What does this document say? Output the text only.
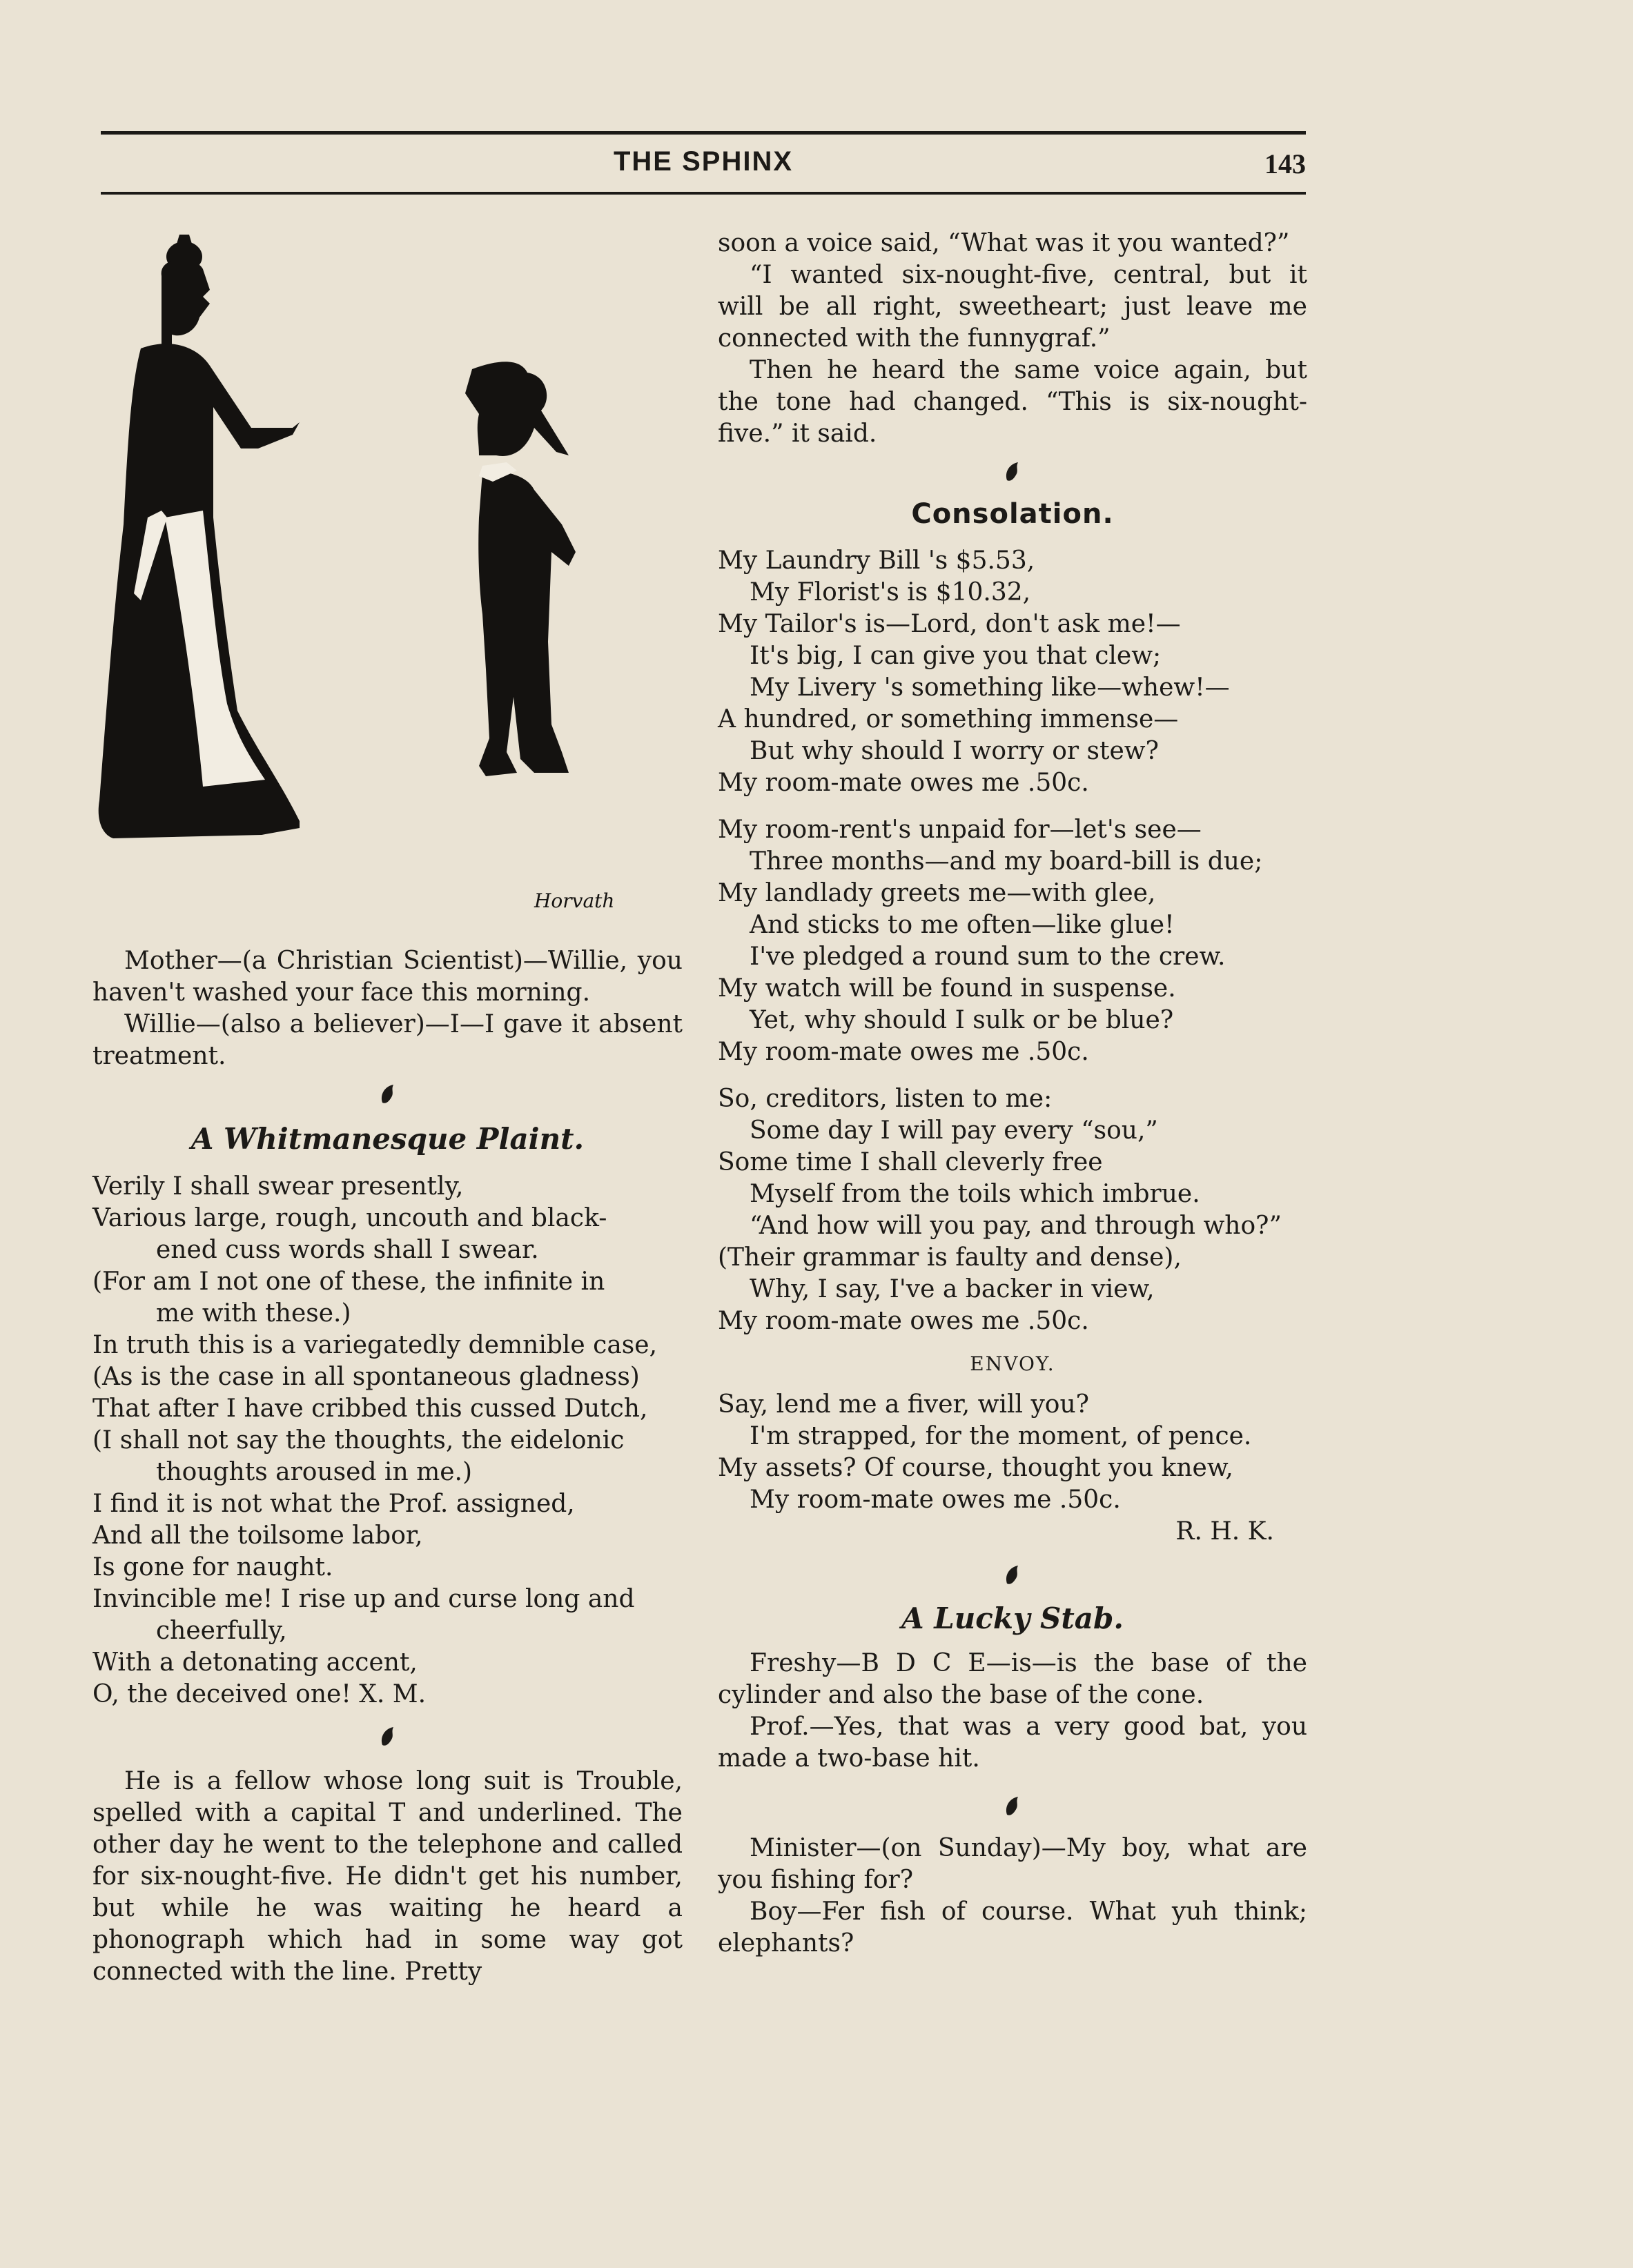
THE SPHINX	143
Horvath

Mother—(a Christian Scientist)—Willie, you haven't washed your face this morning.

Willie—(also a believer)—I—I gave it absent treatment.

A Whitmanesque Plaint.
Verily I shall swear presently,
Various large, rough, uncouth and black-
ened cuss words shall I swear.
(For am I not one of these, the infinite in
me with these.)
In truth this is a variegatedly demnible case,
(As is the case in all spontaneous gladness)
That after I have cribbed this cussed Dutch,
(I shall not say the thoughts, the eidelonic
thoughts aroused in me.)
I find it is not what the Prof. assigned,
And all the toilsome labor,
Is gone for naught.
Invincible me! I rise up and curse long and
cheerfully,
With a detonating accent,
O, the deceived one! X. M.

He is a fellow whose long suit is Trouble, spelled with a capital T and underlined. The other day he went to the telephone and called for six-nought-five. He didn't get his number, but while he was waiting he heard a phonograph which had in some way got connected with the line. Pretty

soon a voice said, “What was it you wanted?”

“I wanted six-nought-five, central, but it will be all right, sweetheart; just leave me connected with the funnygraf.”

Then he heard the same voice again, but the tone had changed. “This is six-nought-five.” it said.

Consolation.
My Laundry Bill 's $5.53,
My Florist's is $10.32,
My Tailor's is—Lord, don't ask me!—
It's big, I can give you that clew;
My Livery 's something like—whew!—
A hundred, or something immense—
But why should I worry or stew?
My room-mate owes me .50c.
My room-rent's unpaid for—let's see—
Three months—and my board-bill is due;
My landlady greets me—with glee,
And sticks to me often—like glue!
I've pledged a round sum to the crew.
My watch will be found in suspense.
Yet, why should I sulk or be blue?
My room-mate owes me .50c.
So, creditors, listen to me:
Some day I will pay every “sou,”
Some time I shall cleverly free
Myself from the toils which imbrue.
“And how will you pay, and through who?”
(Their grammar is faulty and dense),
Why, I say, I've a backer in view,
My room-mate owes me .50c.
ENVOY.
Say, lend me a fiver, will you?
I'm strapped, for the moment, of pence.
My assets? Of course, thought you knew,
My room-mate owes me .50c.

R. H. K.

A Lucky Stab.

Freshy—B D C E—is—is the base of the cylinder and also the base of the cone.

Prof.—Yes, that was a very good bat, you made a two-base hit.

Minister—(on Sunday)—My boy, what are you fishing for?

Boy—Fer fish of course. What yuh think; elephants?
